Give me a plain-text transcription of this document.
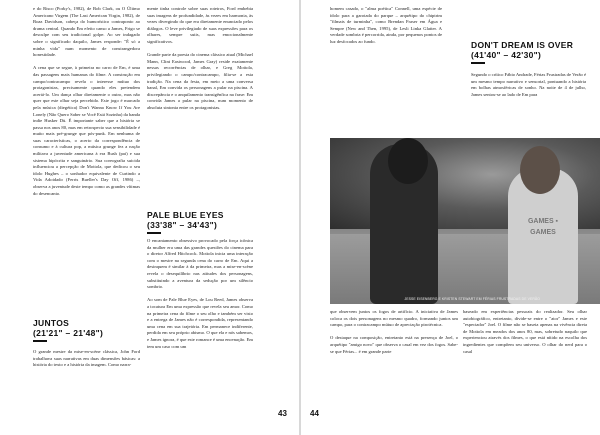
e do Risco (Porky's, 1982), de Bob Clark, ou O Último Americano Virgem (The Last American Virgin, 1982), de Boaz Davidson, cabeça do humorístico contraponto ao drama central. Quando Em efeito canso a James, Frigo se desculpe com seu tradicional golpe. Ao ser indagado sobre o significado daquilo, James responde: "É só a minha vida" num momento de constrangedora honestidade.

A cena que se segue, à primeira no carro de Em, é uma das passagens mais humanas do filme. A construção em campo/contracampo revela o interesse mútuo dos protagonistas, precisamente quando eles pretendem acertá-lo. Um dança olhar diretamente o outro, mas não quer que este olhar seja percebido. Este jogo é marcado pela música (diegética) Don't Wanna Know If You Are Lonely (Não Quero Saber se Você Está Sozinha) da banda indie Husker Dü. É importante saber que a história se passa nos anos 80, mas em retrospecto sua sensibilidade é muito mais pré-grunge que pós-punk. Em nenhuma de suas características, o acerto da correspondência de consumo e à cultura pop, a música grunge fez a nação militava a juventude americana à era Bush (pai) e sua sistema hipócrita e sanguinário. Sua coreografia suicida influenciou a percepção de Mottola, que dedicou o seu ídolo Hughes – o sonhador equivalente de Curtindo a Vida Adoidado (Ferris Bueller's Day Off, 1986) –, observa a juventude deste tempo como as grandes vítimas do desencanto.

JUNTOS
(21'21" – 21'48")

O grande mestre da mise-en-scène clássica, John Ford trabalhava suas narrativas em duas dimensões básicas: a história do texto e a história da imagem. Como narra-

mente tinha controle sobre suas roteiros, Ford embebia suas imagens de profundidade, às vezes em harmonia, às vezes divergindo do que era diretamente enunciado pelos diálogos. O leve privilegiado de suas expressões para os olhares, sempre sutis, mas emocionalmente significativos.

Grande parte da poesia do cinema clássico atual (Michael Mann, Clint Eastwood, James Gray) reside exatamente nessas recorrências de olhar, e Greg Mottola, privilegiando o campo/contracampo, filia-se a esta tradição. Na cena da festa, em meio a uma conversa banal, Em convida os personagens a pular na piscina. A discrepância e o anquilamento transigênfica na frase: Em convida James a pular na piscina, num momento de absoluta sintonia entre os protagonistas.

PALE BLUE EYES
(33'38" – 34'43")

O encantamento obsessivo provocado pela força icônica da mulher era uma das grandes questões do cinema para o diretor Alfred Hitchcock. Mottola inicia uma interação com o mestre na segunda cena do carro de Em. Aqui a desinquem é similar à da primeira, mas a mise-en-scène revela o desequilíbrio nas atitudes dos personagens, substituindo a aventura da sedução por um silêncio sombrio.

Ao som de Pale Blue Eyes, de Lou Reed, James observa a tocatura Em uma expressão que revela seu amor. Como na primeira cena do filme o seu olho e também ser visto e a entrega de James não é correspondida, representando uma cena em sua trajetória. Em permanece indiferente, perdida em seu próprio abismo. O que ela e nós sabemos, e James ignora, é que este romance é uma encenação. Em tem um caso com um

homem casado, o "alma poética" Connell, uma espécie de ídolo para a garotada do parque – arquétipo do chiptrim "filmais de turminha", como Brendan Fraser em Água e Sempre (New and Then, 1995), de Lesli Linka Glatter. A verdade sombria é percorrida, ainda, por pequenos pontos de luz desfocados ao fundo.	DON'T DREAM IS OVER
(41'40" – 42'30")

Segundo o crítico Fábio Andrade, Férias Frustradas de Verão é um mesmo tempo narrativo e sensorial, pontuando a história em bolhas atmosféricas de sonho. Na noite de 4 de julho, James sentou-se ao lado de Em para

GAMES ▪ GAMES
JESSE EISENBERG E KRISTEN STEWART EM FÉRIAS FRUSTRADAS DE VERÃO

que observem juntos os fogos de artifício. A iniciativa de James coloca os dois personagens no mesmo quadro, formando juntos um campo, para o contracampo mútuo de apreciação pirotécnica.

O destaque na composição, entretanto está na presença de Joel, o arquétipo "amigo novo" que observa o casal em vez dos fogos. Sabe-se que Férias... é em grande parte

baseado em experiências pessoais do realizador. Seu olhar autobiográfico, entretanto, divide-se entre o "ator" James e este "espectador" Joel. O filme não se baseia apenas na vivência direta de Mottola em meados dos anos 80, mas, sobretudo naquilo que experienciou através dos filmes, o que está nítido na escolha dos ingredientes que compõem seu universo. O olhar do nerd para o casal

43	44
